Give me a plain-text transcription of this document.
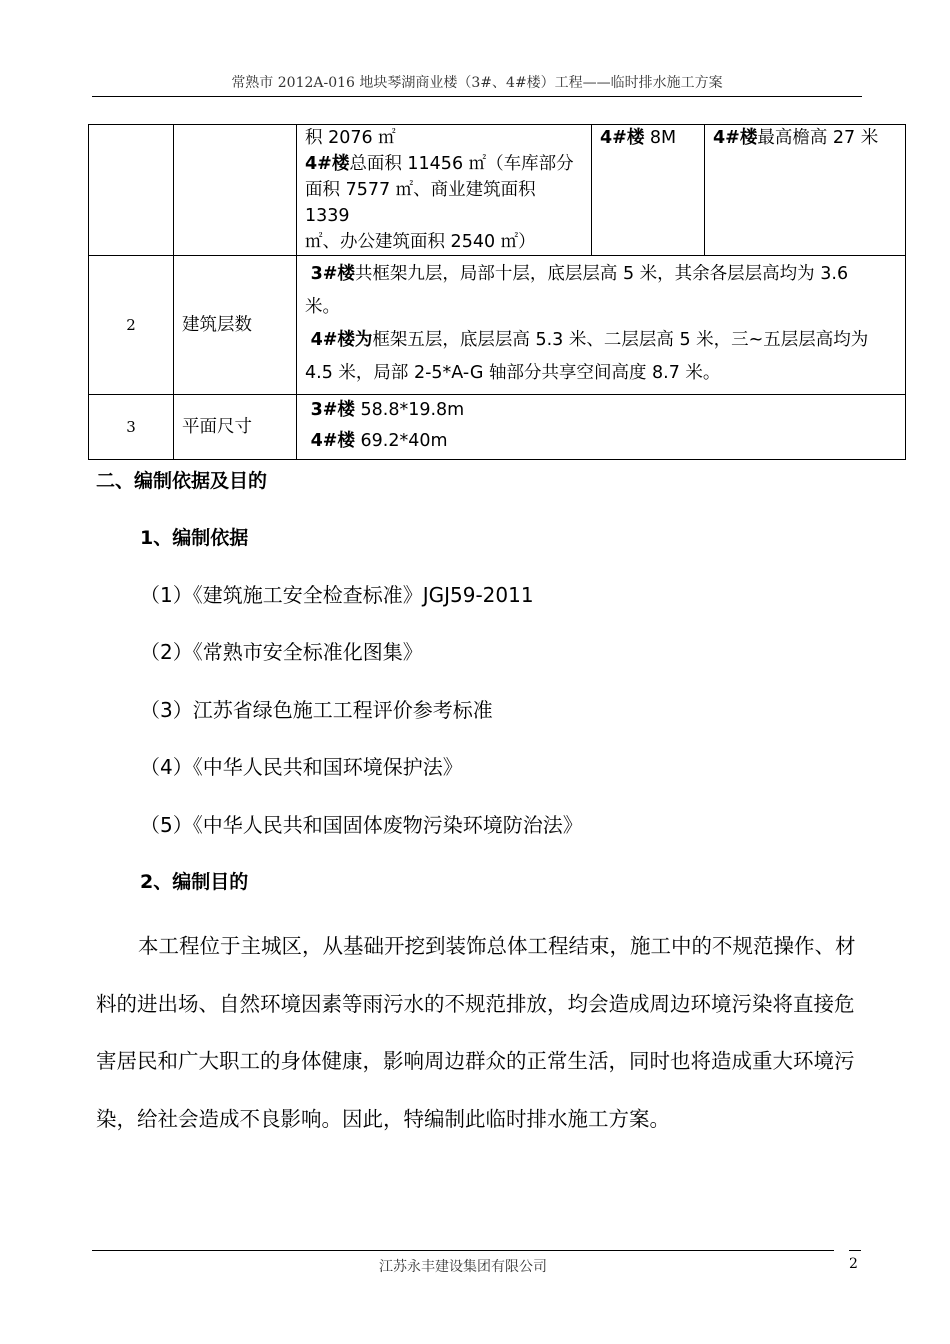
常熟市 2012A-016 地块琴湖商业楼（3#、4#楼）工程——临时排水施工方案

		积 2076 ㎡
4#楼总面积 11456 ㎡（车库部分
面积 7577 ㎡、商业建筑面积 1339
㎡、办公建筑面积 2540 ㎡）	4#楼 8M	4#楼最高檐高 27 米
2	建筑层数	3#楼共框架九层，局部十层，底层层高 5 米，其余各层层高均为 3.6
米。
4#楼为框架五层，底层层高 5.3 米、二层层高 5 米，三~五层层高均为
4.5 米，局部 2-5*A-G 轴部分共享空间高度 8.7 米。		

3	平面尺寸	3#楼 58.8*19.8m
4#楼 69.2*40m		
二、编制依据及目的
1、编制依据
（1）《建筑施工安全检查标准》JGJ59-2011
（2）《常熟市安全标准化图集》
（3）江苏省绿色施工工程评价参考标准
（4）《中华人民共和国环境保护法》
（5）《中华人民共和国固体废物污染环境防治法》
2、编制目的
本工程位于主城区，从基础开挖到装饰总体工程结束，施工中的不规范操作、材料的进出场、自然环境因素等雨污水的不规范排放，均会造成周边环境污染将直接危害居民和广大职工的身体健康，影响周边群众的正常生活，同时也将造成重大环境污染，给社会造成不良影响。因此，特编制此临时排水施工方案。
江苏永丰建设集团有限公司	2
